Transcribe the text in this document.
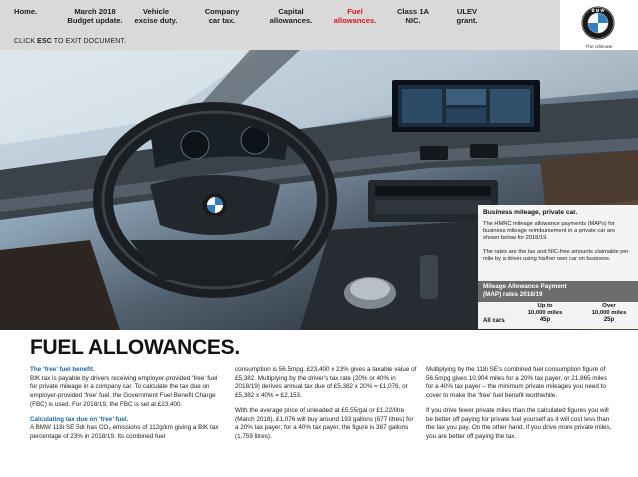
Home.	March 2018
Budget update.
Vehicle
excise duty.
Company
car tax.
Capital
allowances.
Fuel
allowances.
Class 1A
NIC.
ULEV
grant.
CLICK ESC TO EXIT DOCUMENT.
B M W
The Ultimate

Business mileage, private car.
The HMRC mileage allowance payments (MAPs) for business mileage reimbursement in a private car are shown below for 2018/19.
The rates are the tax and NIC-free amounts claimable per mile by a driver using his/her own car on business.
Mileage Allowance Payment
(MAP) rates 2018/19
Up to
10,000 miles
Over
10,000 miles
All cars	45p	25p
FUEL ALLOWANCES.

The ‘free’ fuel benefit.
BIK tax is payable by drivers receiving employer-provided ‘free’ fuel for private mileage in a company car. To calculate the tax due on employer-provided ‘free’ fuel, the Government Fuel Benefit Charge (FBC) is used. For 2018/19, the FBC is set at £23,400.

Calculating tax due on ‘free’ fuel.
A BMW 118i SE 5dr has CO₂ emissions of 112g/km giving a BIK tax percentage of 23% in 2018/19. Its combined fuel

consumption is 56.5mpg. £23,400 x 23% gives a taxable value of £5,382. Multiplying by the driver's tax rate (20% or 40% in 2018/19) derives annual tax due of £5,382 x 20% = £1,076, or £5,382 x 40% = £2,153.

With the average price of unleaded at £5.55/gal or £1.22/litre (March 2018), £1,076 will buy around 193 gallons (877 litres) for a 20% tax payer; for a 40% tax payer, the figure is 387 gallons (1,759 litres).

Multiplying by the 118i SE's combined fuel consumption figure of 56.5mpg gives 10,904 miles for a 20% tax payer, or 21,865 miles for a 40% tax payer – the minimum private mileages you need to cover to make the ‘free’ fuel benefit worthwhile.

If you drive fewer private miles than the calculated figures you will be better off paying for private fuel yourself as it will cost less than the tax you pay. On the other hand, if you drive more private miles, you are better off paying the tax.
